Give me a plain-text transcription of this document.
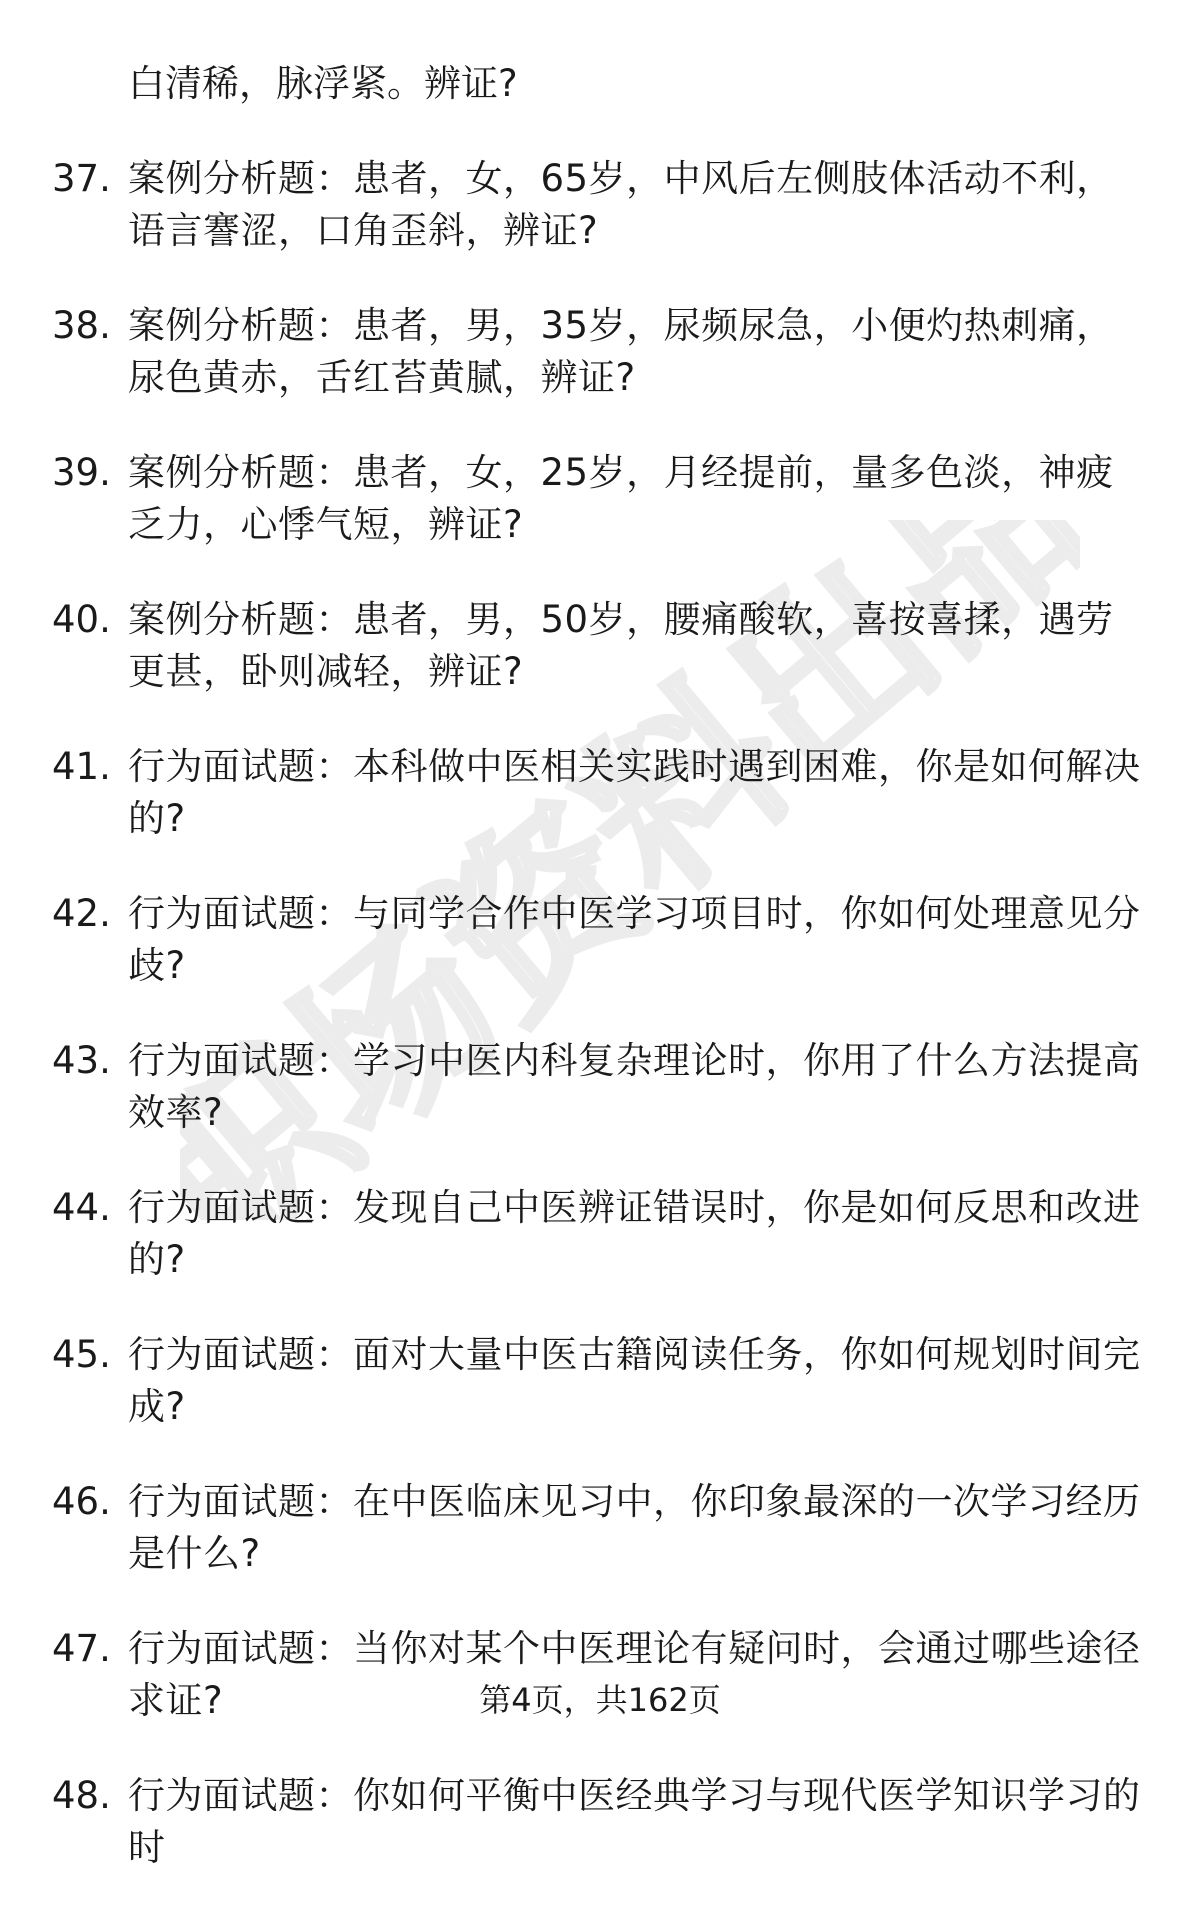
职场资料出品
白清稀，脉浮紧。辨证?
37. 案例分析题：患者，女，65岁，中风后左侧肢体活动不利，语言謇涩，口角歪斜，辨证?
38. 案例分析题：患者，男，35岁，尿频尿急，小便灼热刺痛，尿色黄赤，舌红苔黄腻，辨证?
39. 案例分析题：患者，女，25岁，月经提前，量多色淡，神疲乏力，心悸气短，辨证?
40. 案例分析题：患者，男，50岁，腰痛酸软，喜按喜揉，遇劳更甚，卧则减轻，辨证?
41. 行为面试题：本科做中医相关实践时遇到困难，你是如何解决的?
42. 行为面试题：与同学合作中医学习项目时，你如何处理意见分歧?
43. 行为面试题：学习中医内科复杂理论时，你用了什么方法提高效率?
44. 行为面试题：发现自己中医辨证错误时，你是如何反思和改进的?
45. 行为面试题：面对大量中医古籍阅读任务，你如何规划时间完成?
46. 行为面试题：在中医临床见习中，你印象最深的一次学习经历是什么?
47. 行为面试题：当你对某个中医理论有疑问时，会通过哪些途径求证?
48. 行为面试题：你如何平衡中医经典学习与现代医学知识学习的时
第4页，共162页
